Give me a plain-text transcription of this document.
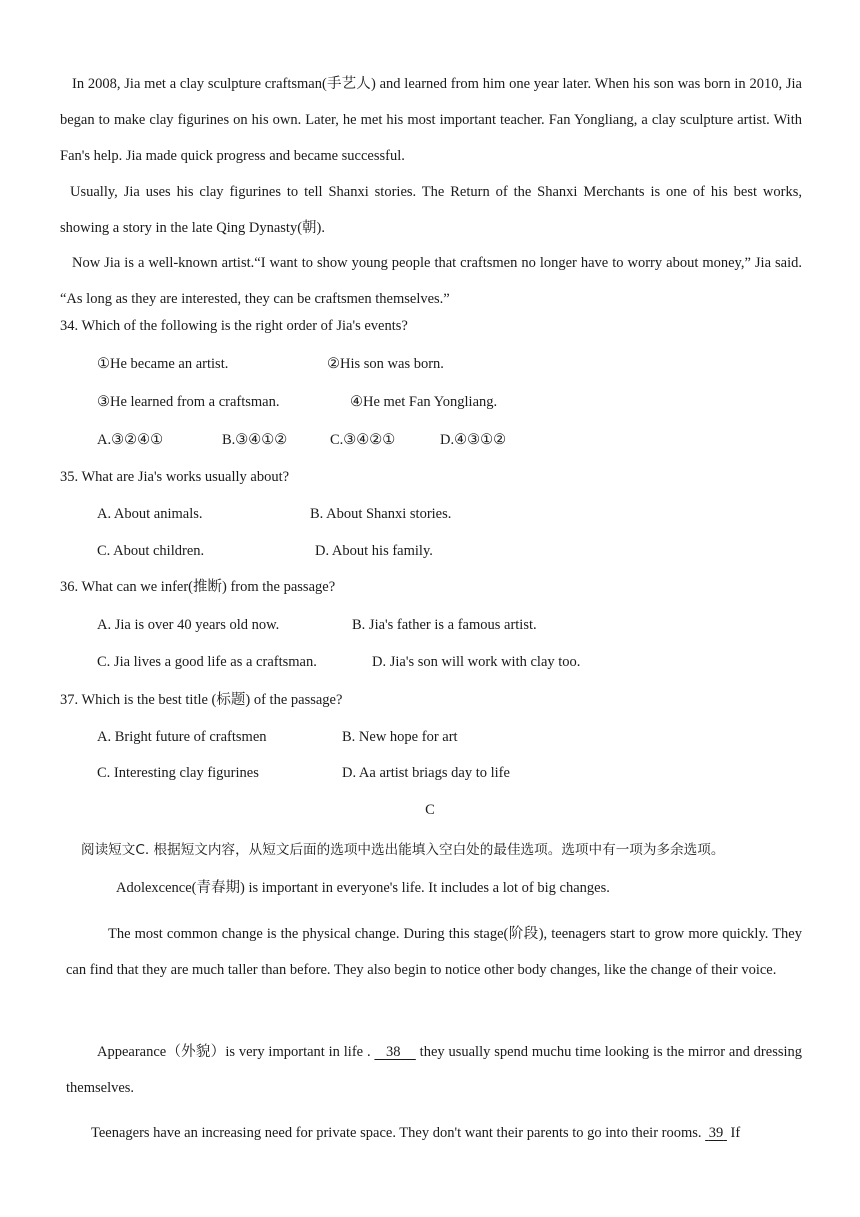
In 2008, Jia met a clay sculpture craftsman(手艺人) and learned from him one year later. When his son was born in 2010, Jia began to make clay figurines on his own. Later, he met his most important teacher. Fan Yongliang, a clay sculpture artist. With Fan's help. Jia made quick progress and became successful.
Usually, Jia uses his clay figurines to tell Shanxi stories. The Return of the Shanxi Merchants is one of his best works, showing a story in the late Qing Dynasty(朝).
Now Jia is a well-known artist.“I want to show young people that craftsmen no longer have to worry about money,” Jia said. “As long as they are interested, they can be craftsmen themselves.”
34. Which of the following is the right order of Jia's events?
①He became an artist.	②His son was born.
③He learned from a craftsman.	④He met Fan Yongliang.
A.③②④①	B.③④①②	C.③④②①	D.④③①②
35. What are Jia's works usually about?
A. About animals.	B. About Shanxi stories.
C. About children.	D. About his family.
36. What can we infer(推断) from the passage?
A. Jia is over 40 years old now.	B. Jia's father is a famous artist.
C. Jia lives a good life as a craftsman.	D. Jia's son will work with clay too.
37. Which is the best title (标题) of the passage?
A. Bright future of craftsmen	B. New hope for art
C. Interesting clay figurines	D. Aa artist briags day to life
C
阅读短文C. 根据短文内容，从短文后面的选项中选出能填入空白处的最佳选项。选项中有一项为多余选项。
Adolexcence(青春期) is important in everyone's life. It includes a lot of big changes.
The most common change is the physical change. During this stage(阶段), teenagers start to grow more quickly. They can find that they are much taller than before. They also begin to notice other body changes, like the change of their voice.
Appearance（外貌）is very important in life .    38     they usually spend muchu time looking is the mirror and dressing themselves.
Teenagers have an increasing need for private space. They don't want their parents to go into their rooms.  39  If
